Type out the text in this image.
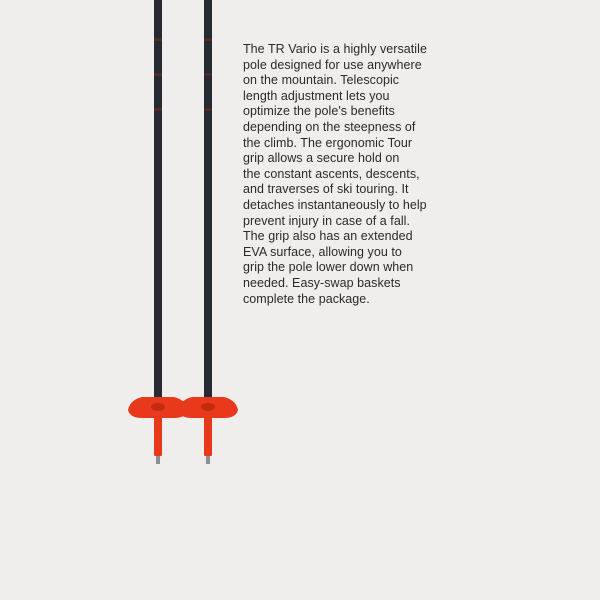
The TR Vario is a highly versatile
pole designed for use anywhere
on the mountain. Telescopic
length adjustment lets you
optimize the pole's benefits
depending on the steepness of
the climb. The ergonomic Tour
grip allows a secure hold on
the constant ascents, descents,
and traverses of ski touring. It
detaches instantaneously to help
prevent injury in case of a fall.
The grip also has an extended
EVA surface, allowing you to
grip the pole lower down when
needed. Easy-swap baskets
complete the package.
